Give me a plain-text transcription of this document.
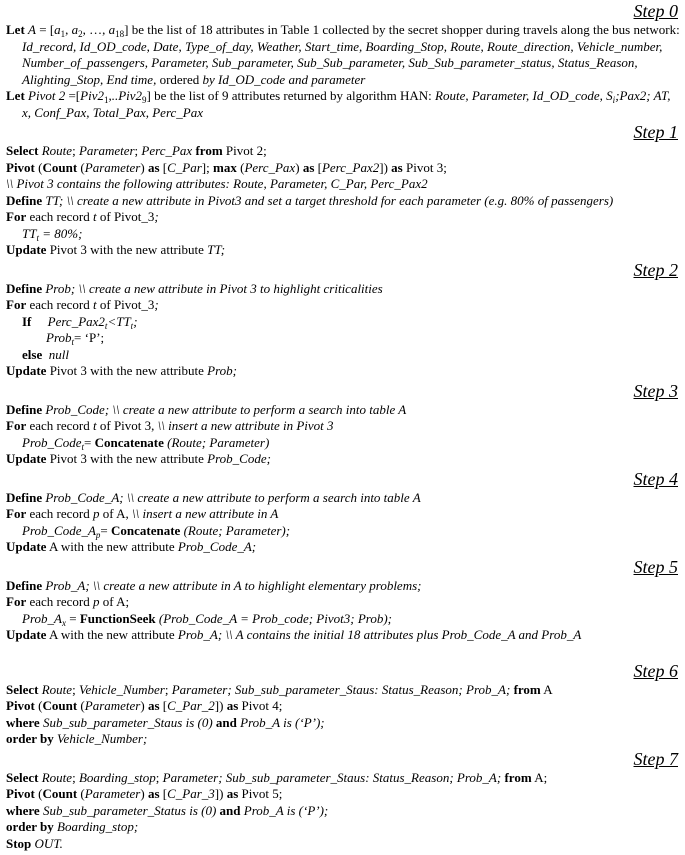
Step 0
Let $A = [a_1$, $a_2$, …, $a_{18}$] be the list of 18 attributes in Table 1 collected by the secret shopper during travels along the bus network: Id_record, Id_OD_code, Date, Type_of_day, Weather, Start_time, Boarding_Stop, Route, Route_direction, Vehicle_number, Number_of_passengers, Parameter, Sub_parameter, Sub_Sub_parameter, Sub_Sub_parameter_status, Status_Reason, Alighting_Stop, End time, ordered by Id_OD_code and parameter
Let Pivot $2 =[Piv2_1,..Piv2_9]$ be the list of 9 attributes returned by algorithm HAN: Route, Parameter, Id_OD_code, $S_i;Pax2$; AT, x, Conf_Pax, Total_Pax, Perc_Pax
Step 1
Select Route; Parameter; Perc_Pax from Pivot 2;
Pivot (Count (Parameter) as [C_Par]; max (Perc_Pax) as [Perc_Pax2]) as Pivot 3;
\\ Pivot 3 contains the following attributes: Route, Parameter, C_Par, Perc_Pax2
Define TT; \\ create a new attribute in Pivot3 and set a target threshold for each parameter (e.g. 80% of passengers)
For each record t of Pivot_3;
$TT_t = 80\%$;
Update Pivot 3 with the new attribute TT;
Step 2
Define Prob; \\ create a new attribute in Pivot 3 to highlight criticalities
For each record t of Pivot_3;
If $Perc\_Pax2_t<TT_t$;
Prob$_t$= ‘P’;
else null
Update Pivot 3 with the new attribute Prob;
Step 3
Define Prob_Code; \\ create a new attribute to perform a search into table A
For each record t of Pivot 3, \\ insert a new attribute in Pivot 3
Prob_Code$_t$= Concatenate (Route; Parameter)
Update Pivot 3 with the new attribute Prob_Code;
Step 4
Define Prob_Code_A; \\ create a new attribute to perform a search into table A
For each record p of A, \\ insert a new attribute in A
$Prob\_Code\_A_p=$ Concatenate (Route; Parameter);
Update A with the new attribute Prob_Code_A;
Step 5
Define Prob_A; \\ create a new attribute in A to highlight elementary problems;
For each record p of A;
$Prob\_A_x$ = FunctionSeek (Prob_Code_A = Prob_code; Pivot3; Prob);
Update A with the new attribute Prob_A; \\ A contains the initial 18 attributes plus Prob_Code_A and Prob_A
Step 6
Select Route; Vehicle_Number; Parameter; Sub_sub_parameter_Staus: Status_Reason; Prob_A; from A
Pivot (Count (Parameter) as [C_Par_2]) as Pivot 4;
where Sub_sub_parameter_Staus is (0) and Prob_A is (‘P’);
order by Vehicle_Number;
Step 7
Select Route; Boarding_stop; Parameter; Sub_sub_parameter_Staus: Status_Reason; Prob_A; from A;
Pivot (Count (Parameter) as [C_Par_3]) as Pivot 5;
where Sub_sub_parameter_Status is (0) and Prob_A is (‘P’);
order by Boarding_stop;
Stop OUT.
